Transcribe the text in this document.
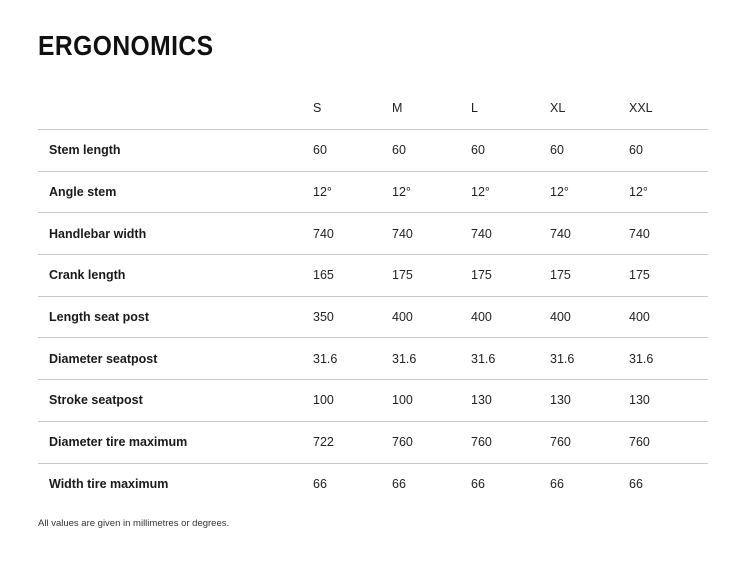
ERGONOMICS
	S	M	L	XL	XXL
Stem length	60	60	60	60	60
Angle stem	12°	12°	12°	12°	12°
Handlebar width	740	740	740	740	740
Crank length	165	175	175	175	175
Length seat post	350	400	400	400	400
Diameter seatpost	31.6	31.6	31.6	31.6	31.6
Stroke seatpost	100	100	130	130	130
Diameter tire maximum	722	760	760	760	760
Width tire maximum	66	66	66	66	66

All values are given in millimetres or degrees.
